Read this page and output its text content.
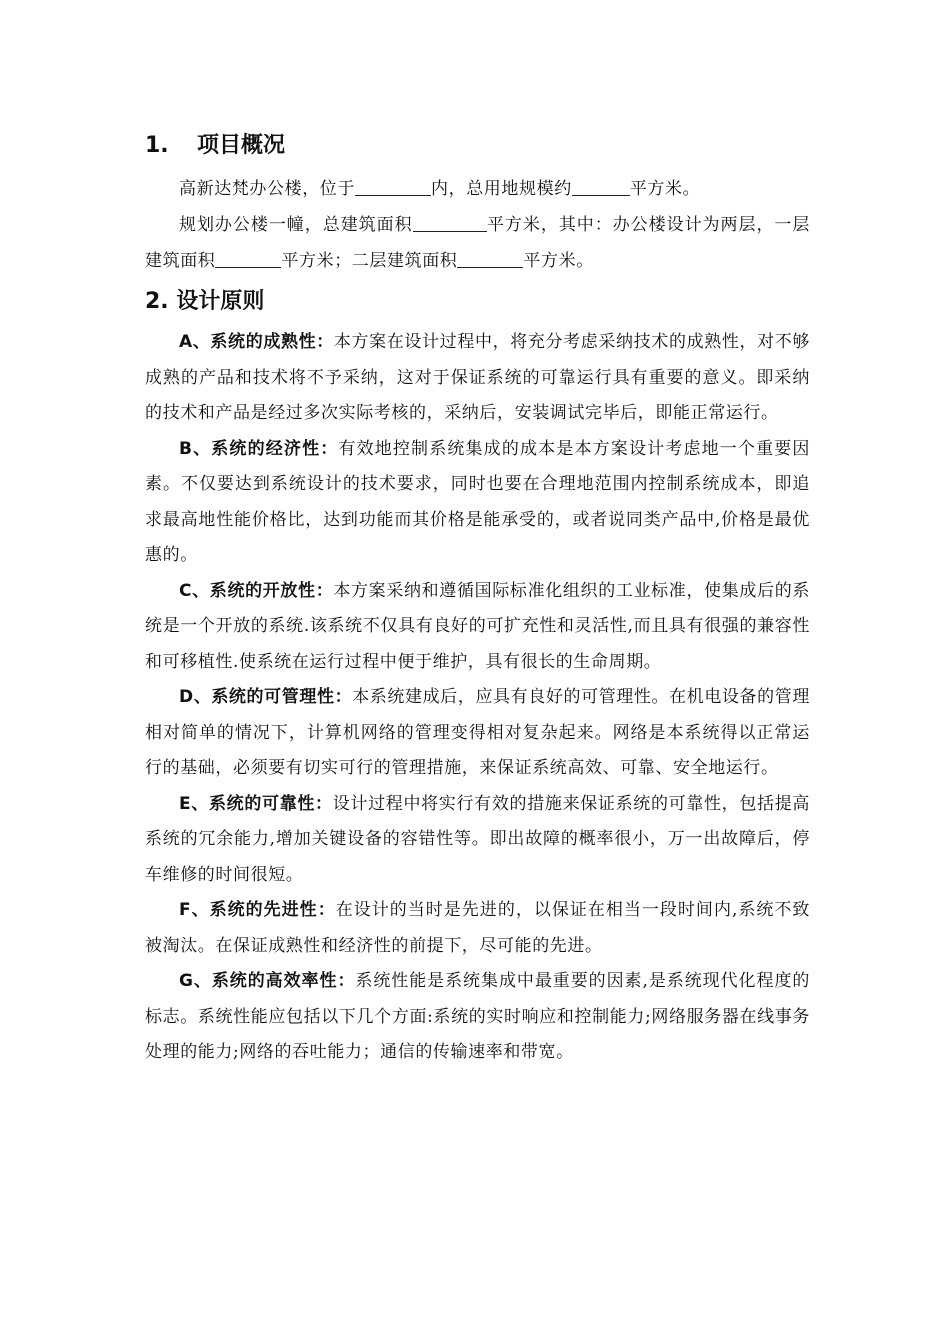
1. 项目概况

高新达梵办公楼，位于	内，总用地规模约	平方米。

规划办公楼一幢，总建筑面积	平方米，其中：办公楼设计为两层，一层建筑面积	平方米；二层建筑面积	平方米。

2. 设计原则

A、系统的成熟性：本方案在设计过程中，将充分考虑采纳技术的成熟性，对不够成熟的产品和技术将不予采纳，这对于保证系统的可靠运行具有重要的意义。即采纳的技术和产品是经过多次实际考核的，采纳后，安装调试完毕后，即能正常运行。

B、系统的经济性：有效地控制系统集成的成本是本方案设计考虑地一个重要因素。不仅要达到系统设计的技术要求，同时也要在合理地范围内控制系统成本，即追求最高地性能价格比，达到功能而其价格是能承受的，或者说同类产品中,价格是最优惠的。

C、系统的开放性：本方案采纳和遵循国际标准化组织的工业标准，使集成后的系统是一个开放的系统.该系统不仅具有良好的可扩充性和灵活性,而且具有很强的兼容性和可移植性.使系统在运行过程中便于维护，具有很长的生命周期。

D、系统的可管理性：本系统建成后，应具有良好的可管理性。在机电设备的管理相对简单的情况下，计算机网络的管理变得相对复杂起来。网络是本系统得以正常运行的基础，必须要有切实可行的管理措施，来保证系统高效、可靠、安全地运行。

E、系统的可靠性：设计过程中将实行有效的措施来保证系统的可靠性，包括提高系统的冗余能力,增加关键设备的容错性等。即出故障的概率很小，万一出故障后，停车维修的时间很短。

F、系统的先进性：在设计的当时是先进的，以保证在相当一段时间内,系统不致被淘汰。在保证成熟性和经济性的前提下，尽可能的先进。

G、系统的高效率性：系统性能是系统集成中最重要的因素,是系统现代化程度的标志。系统性能应包括以下几个方面:系统的实时响应和控制能力;网络服务器在线事务处理的能力;网络的吞吐能力；通信的传输速率和带宽。
